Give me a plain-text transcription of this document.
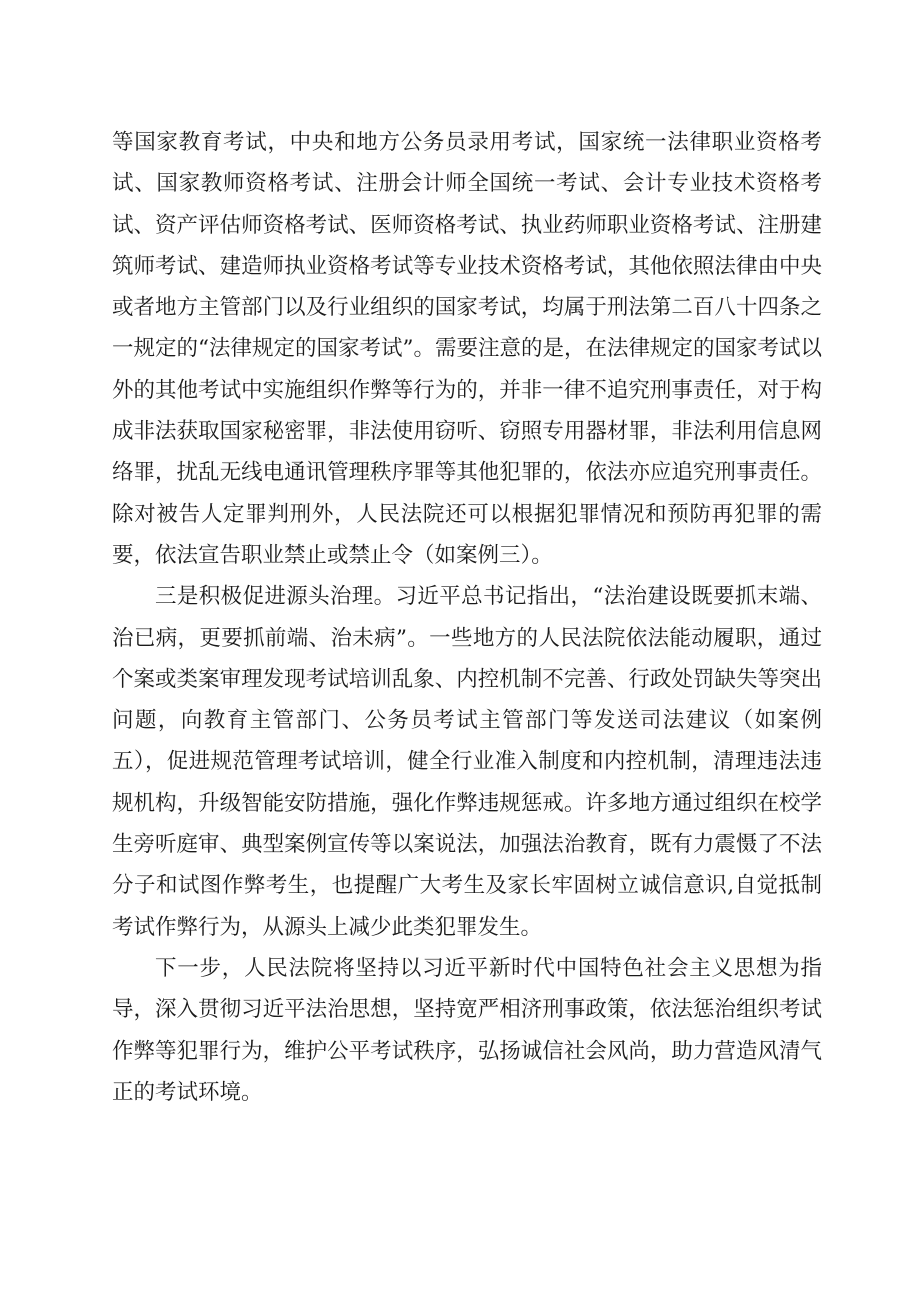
等国家教育考试，中央和地方公务员录用考试，国家统一法律职业资格考试、国家教师资格考试、注册会计师全国统一考试、会计专业技术资格考试、资产评估师资格考试、医师资格考试、执业药师职业资格考试、注册建筑师考试、建造师执业资格考试等专业技术资格考试，其他依照法律由中央或者地方主管部门以及行业组织的国家考试，均属于刑法第二百八十四条之一规定的“法律规定的国家考试”。需要注意的是，在法律规定的国家考试以外的其他考试中实施组织作弊等行为的，并非一律不追究刑事责任，对于构成非法获取国家秘密罪，非法使用窃听、窃照专用器材罪，非法利用信息网络罪，扰乱无线电通讯管理秩序罪等其他犯罪的，依法亦应追究刑事责任。除对被告人定罪判刑外，人民法院还可以根据犯罪情况和预防再犯罪的需要，依法宣告职业禁止或禁止令（如案例三）。

三是积极促进源头治理。习近平总书记指出，“法治建设既要抓末端、治已病，更要抓前端、治未病”。一些地方的人民法院依法能动履职，通过个案或类案审理发现考试培训乱象、内控机制不完善、行政处罚缺失等突出问题，向教育主管部门、公务员考试主管部门等发送司法建议（如案例五），促进规范管理考试培训，健全行业准入制度和内控机制，清理违法违规机构，升级智能安防措施，强化作弊违规惩戒。许多地方通过组织在校学生旁听庭审、典型案例宣传等以案说法，加强法治教育，既有力震慑了不法分子和试图作弊考生，也提醒广大考生及家长牢固树立诚信意识,自觉抵制考试作弊行为，从源头上减少此类犯罪发生。

下一步，人民法院将坚持以习近平新时代中国特色社会主义思想为指导，深入贯彻习近平法治思想，坚持宽严相济刑事政策，依法惩治组织考试作弊等犯罪行为，维护公平考试秩序，弘扬诚信社会风尚，助力营造风清气正的考试环境。
